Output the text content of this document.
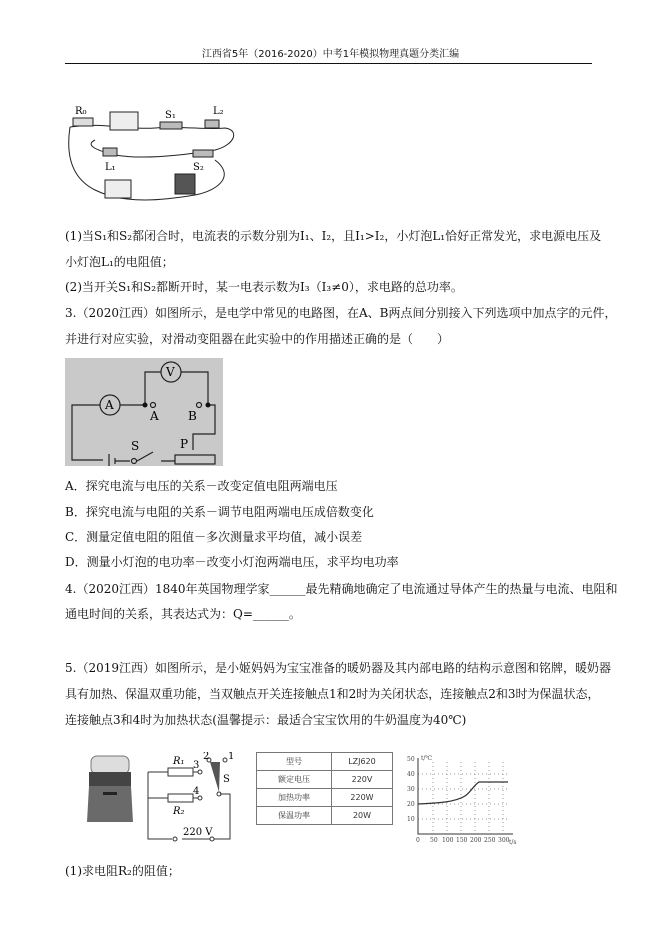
江西省5年（2016-2020）中考1年模拟物理真题分类汇编
R₀	S₁	L₂
L₁	S₂
(1)当S₁和S₂都闭合时，电流表的示数分别为I₁、I₂，且I₁>I₂，小灯泡L₁恰好正常发光，求电源电压及
小灯泡L₁的电阻值；
(2)当开关S₁和S₂都断开时，某一电表示数为I₃（I₃≠0），求电路的总功率。
3.（2020江西）如图所示，是电学中常见的电路图，在A、B两点间分别接入下列选项中加点字的元件，
并进行对应实验，对滑动变阻器在此实验中的作用描述正确的是（　　）
V
A
A B
S	P
A．探究电流与电压的关系－改变定值电阻两端电压
B．探究电流与电阻的关系－调节电阻两端电压成倍数变化
C．测量定值电阻的阻值－多次测量求平均值，减小误差
D．测量小灯泡的电功率－改变小灯泡两端电压，求平均电功率
4.（2020江西）1840年英国物理学家______最先精确地确定了电流通过导体产生的热量与电流、电阻和
通电时间的关系，其表达式为：Q=______。
5.（2019江西）如图所示，是小姬妈妈为宝宝准备的暖奶器及其内部电路的结构示意图和铭牌，暖奶器
具有加热、保温双重功能，当双触点开关连接触点1和2时为关闭状态，连接触点2和3时为保温状态，
连接触点3和4时为加热状态(温馨提示：最适合宝宝饮用的牛奶温度为40℃)
R₁
R₂
2 1
3
4
S
220 V
型号	LZJ620
额定电压	220V
加热功率	220W
保温功率	20W
t/℃
10
20
30
40
50
0 50 100 150 200 250 300 t/s
(1)求电阻R₂的阻值；
